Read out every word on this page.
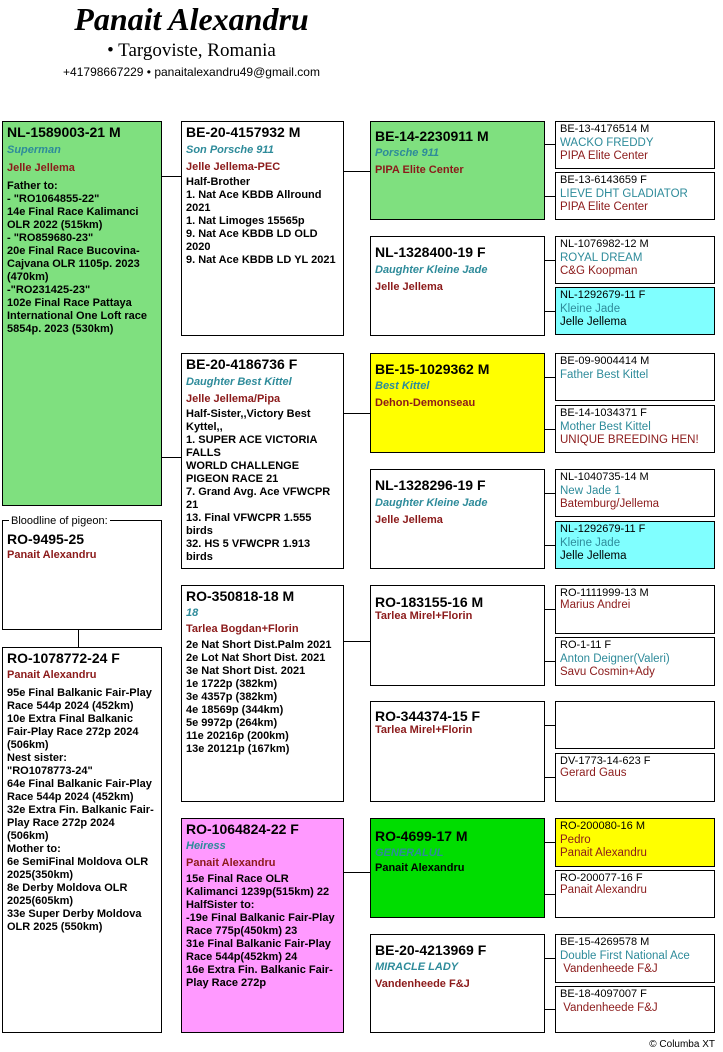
Panait Alexandru
• Targoviste, Romania
+41798667229 • panaitalexandru49@gmail.com
NL-1589003-21 M
Superman
Jelle Jellema
Father to:
- "RO1064855-22"
14e Final Race Kalimanci OLR 2022 (515km)
- "RO859680-23"
20e Final Race Bucovina-Cajvana OLR 1105p. 2023 (470km)
-"RO231425-23"
102e Final Race Pattaya International One Loft race 5854p. 2023 (530km)
RO-9495-25
Panait Alexandru
Bloodline of pigeon:
RO-1078772-24 F
Panait Alexandru
95e Final Balkanic Fair-Play Race 544p 2024 (452km)
10e Extra Final Balkanic Fair-Play Race 272p 2024 (506km)
Nest sister:
"RO1078773-24"
64e Final Balkanic Fair-Play Race 544p 2024 (452km)
32e Extra Fin. Balkanic Fair-Play Race 272p 2024 (506km)
Mother to:
6e SemiFinal Moldova OLR 2025(350km)
8e Derby Moldova OLR 2025(605km)
33e Super Derby Moldova OLR 2025 (550km)
BE-20-4157932 M
Son Porsche 911
Jelle Jellema-PEC
Half-Brother
1. Nat Ace KBDB Allround 2021
1. Nat Limoges 15565p
9. Nat Ace KBDB LD OLD 2020
9. Nat Ace KBDB LD YL 2021
BE-20-4186736 F
Daughter Best Kittel
Jelle Jellema/Pipa
Half-Sister,,Victory Best Kyttel,,
1. SUPER ACE VICTORIA FALLS
WORLD CHALLENGE PIGEON RACE 21
7. Grand Avg. Ace VFWCPR 21
13. Final VFWCPR 1.555 birds
32. HS 5 VFWCPR 1.913 birds
RO-350818-18 M
18
Tarlea Bogdan+Florin
2e Nat Short Dist.Palm 2021
2e Lot Nat Short Dist. 2021
3e Nat Short Dist. 2021
1e 1722p (382km)
3e 4357p (382km)
4e 18569p (344km)
5e 9972p (264km)
11e 20216p (200km)
13e 20121p (167km)
RO-1064824-22 F
Heiress
Panait Alexandru
15e Final Race OLR Kalimanci 1239p(515km) 22
HalfSister to:
-19e Final Balkanic Fair-Play Race 775p(450km) 23
31e Final Balkanic Fair-Play Race 544p(452km) 24
16e Extra Fin. Balkanic Fair-Play Race 272p
BE-14-2230911 M
Porsche 911
PIPA Elite Center
NL-1328400-19 F
Daughter Kleine Jade
Jelle Jellema
BE-15-1029362 M
Best Kittel
Dehon-Demonseau
NL-1328296-19 F
Daughter Kleine Jade
Jelle Jellema
RO-183155-16 M
Tarlea Mirel+Florin
RO-344374-15 F
Tarlea Mirel+Florin
RO-4699-17 M
GENERALUL
Panait Alexandru
BE-20-4213969 F
MIRACLE LADY
Vandenheede F&J
BE-13-4176514 M
WACKO FREDDY
PIPA Elite Center
BE-13-6143659 F
LIEVE DHT GLADIATOR
PIPA Elite Center
NL-1076982-12 M
ROYAL DREAM
C&G Koopman
NL-1292679-11 F
Kleine Jade
Jelle Jellema
BE-09-9004414 M
Father Best Kittel
BE-14-1034371 F
Mother Best Kittel
UNIQUE BREEDING HEN!
NL-1040735-14 M
New Jade 1
Batemburg/Jellema
NL-1292679-11 F
Kleine Jade
Jelle Jellema
RO-1111999-13 M
Marius Andrei
RO-1-11 F
Anton Deigner(Valeri)
Savu Cosmin+Ady
DV-1773-14-623 F
Gerard Gaus
RO-200080-16 M
Pedro
Panait Alexandru
RO-200077-16 F
Panait Alexandru
BE-15-4269578 M
Double First National Ace
Vandenheede F&J
BE-18-4097007 F
Vandenheede F&J
© Columba XT
